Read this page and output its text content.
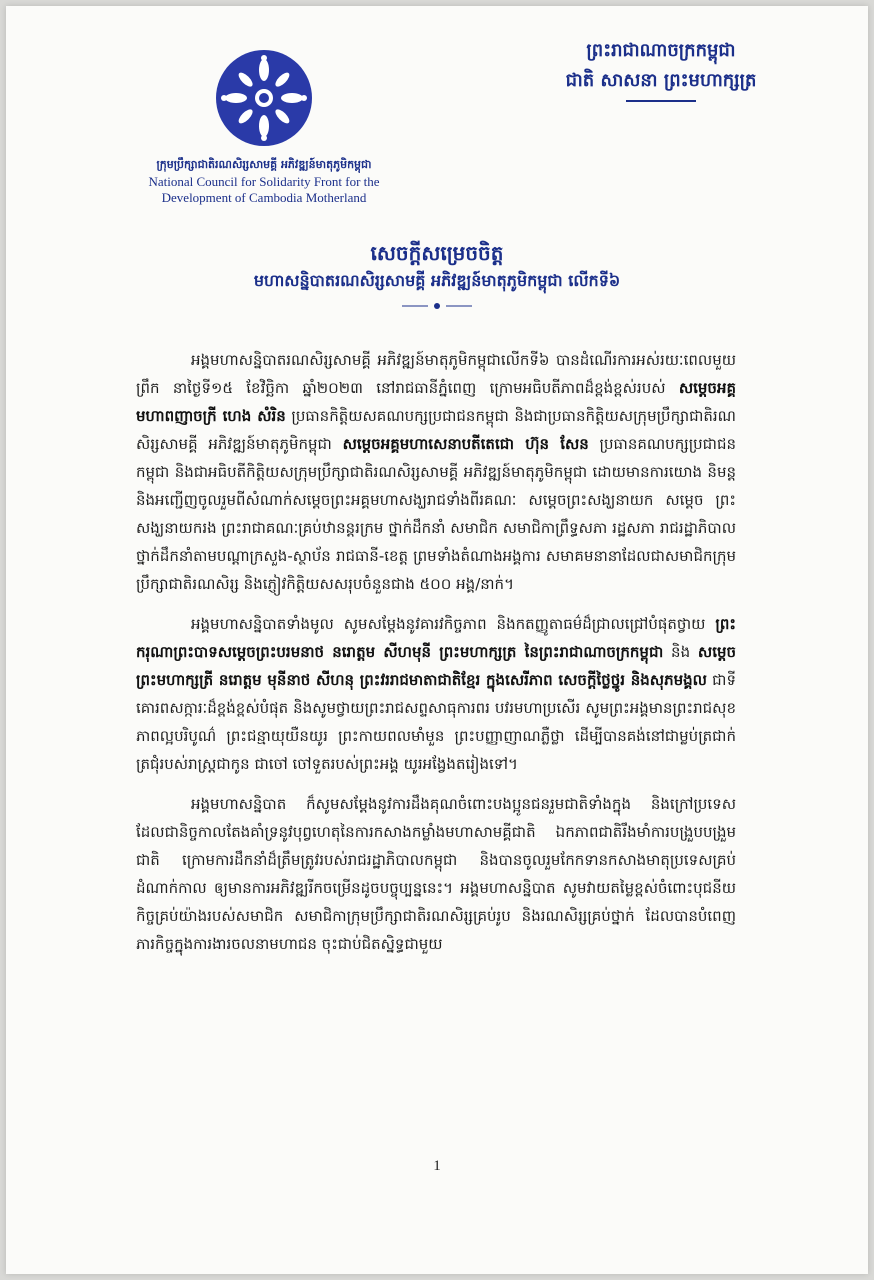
ក្រុមប្រឹក្សាជាតិរណសិរ្សសាមគ្គី អភិវឌ្ឍន៍មាតុភូមិកម្ពុជា
National Council for Solidarity Front for the
Development of Cambodia Motherland
ព្រះរាជាណាចក្រកម្ពុជា
ជាតិ សាសនា ព្រះមហាក្សត្រ
សេចក្តីសម្រេចចិត្ត
មហាសន្និបាតរណសិរ្សសាមគ្គី អភិវឌ្ឍន៍មាតុភូមិកម្ពុជា លើកទី៦

អង្គមហាសន្និបាតរណសិរ្សសាមគ្គី អភិវឌ្ឍន៍មាតុភូមិកម្ពុជាលើកទី៦ បានដំណើរការអស់រយៈពេលមួយព្រឹក នាថ្ងៃទី១៥ ខែវិច្ឆិកា ឆ្នាំ២០២៣ នៅរាជធានីភ្នំពេញ ក្រោមអធិបតីភាពដ៏ខ្ពង់ខ្ពស់របស់ សម្តេចអគ្គមហាពញាចក្រី ហេង សំរិន ប្រធានកិត្តិយសគណបក្សប្រជាជនកម្ពុជា និងជាប្រធានកិត្តិយសក្រុមប្រឹក្សាជាតិរណសិរ្សសាមគ្គី អភិវឌ្ឍន៍មាតុភូមិកម្ពុជា សម្តេចអគ្គមហាសេនាបតីតេជោ ហ៊ុន សែន ប្រធានគណបក្សប្រជាជនកម្ពុជា និងជាអធិបតីកិត្តិយសក្រុមប្រឹក្សាជាតិរណសិរ្សសាមគ្គី អភិវឌ្ឍន៍មាតុភូមិកម្ពុជា ដោយមានការយោង និមន្ត និងអញ្ជើញចូលរួមពីសំណាក់សម្តេចព្រះអគ្គមហាសង្ឃរាជទាំងពីរគណៈ សម្តេចព្រះសង្ឃនាយក សម្តេច ព្រះសង្ឃនាយករង ព្រះរាជាគណៈគ្រប់ឋានន្តរក្រម ថ្នាក់ដឹកនាំ សមាជិក សមាជិកាព្រឹទ្ធសភា រដ្ឋសភា រាជរដ្ឋាភិបាល ថ្នាក់ដឹកនាំតាមបណ្តាក្រសួង-ស្ថាប័ន រាជធានី-ខេត្ត ព្រមទាំងតំណាងអង្គការ សមាគមនានាដែលជាសមាជិកក្រុមប្រឹក្សាជាតិរណសិរ្ស និងភ្ញៀវកិត្តិយសសរុបចំនួនជាង ៥០០ អង្គ/នាក់។

អង្គមហាសន្និបាតទាំងមូល សូមសម្តែងនូវគារវកិច្ចភាព និងកតញ្ញូតាធម៌ដ៏ជ្រាលជ្រៅបំផុតថ្វាយ ព្រះករុណាព្រះបាទសម្តេចព្រះបរមនាថ នរោត្តម សីហមុនី ព្រះមហាក្សត្រ នៃព្រះរាជាណាចក្រកម្ពុជា និង សម្តេចព្រះមហាក្សត្រី នរោត្តម មុនីនាថ សីហនុ ព្រះវររាជមាតាជាតិខ្មែរ ក្នុងសេរីភាព សេចក្តីថ្លៃថ្នូរ និងសុភមង្គល ជាទីគោរពសក្ការៈដ៏ខ្ពង់ខ្ពស់បំផុត និងសូមថ្វាយព្រះរាជសព្ទសាធុការពរ បវរមហាប្រសើរ សូមព្រះអង្គមានព្រះរាជសុខភាពល្អបរិបូណ៌ ព្រះជន្មាយុយឺនយូរ ព្រះកាយពលមាំមួន ព្រះបញ្ញាញាណភ្លឺថ្លា ដើម្បីបានគង់នៅជាម្លប់ត្រជាក់ត្រជុំរបស់រាស្ត្រជាកូន ជាចៅ ចៅទួតរបស់ព្រះអង្គ យូរអង្វែងតរៀងទៅ។

អង្គមហាសន្និបាត ក៏សូមសម្តែងនូវការដឹងគុណចំពោះបងប្អូនជនរួមជាតិទាំងក្នុង និងក្រៅប្រទេស ដែលជានិច្ចកាលតែងគាំទ្រនូវបុព្វហេតុនៃការកសាងកម្លាំងមហាសាមគ្គីជាតិ ឯកភាពជាតិរឹងមាំការបង្រួបបង្រួមជាតិ ក្រោមការដឹកនាំដ៏ត្រឹមត្រូវរបស់រាជរដ្ឋាភិបាលកម្ពុជា និងបានចូលរួមកែកទានកសាងមាតុប្រទេសគ្រប់ដំណាក់កាល ឲ្យមានការអភិវឌ្ឍរីកចម្រើនដូចបច្ចុប្បន្ននេះ។ អង្គមហាសន្និបាត សូមវាយតម្លៃខ្ពស់ចំពោះបុជនីយកិច្ចគ្រប់យ៉ាងរបស់សមាជិក សមាជិកាក្រុមប្រឹក្សាជាតិរណសិរ្សគ្រប់រូប និងរណសិរ្សគ្រប់ថ្នាក់ ដែលបានបំពេញភារកិច្ចក្នុងការងារចលនាមហាជន ចុះជាប់ជិតស្និទ្ធជាមួយ

1
